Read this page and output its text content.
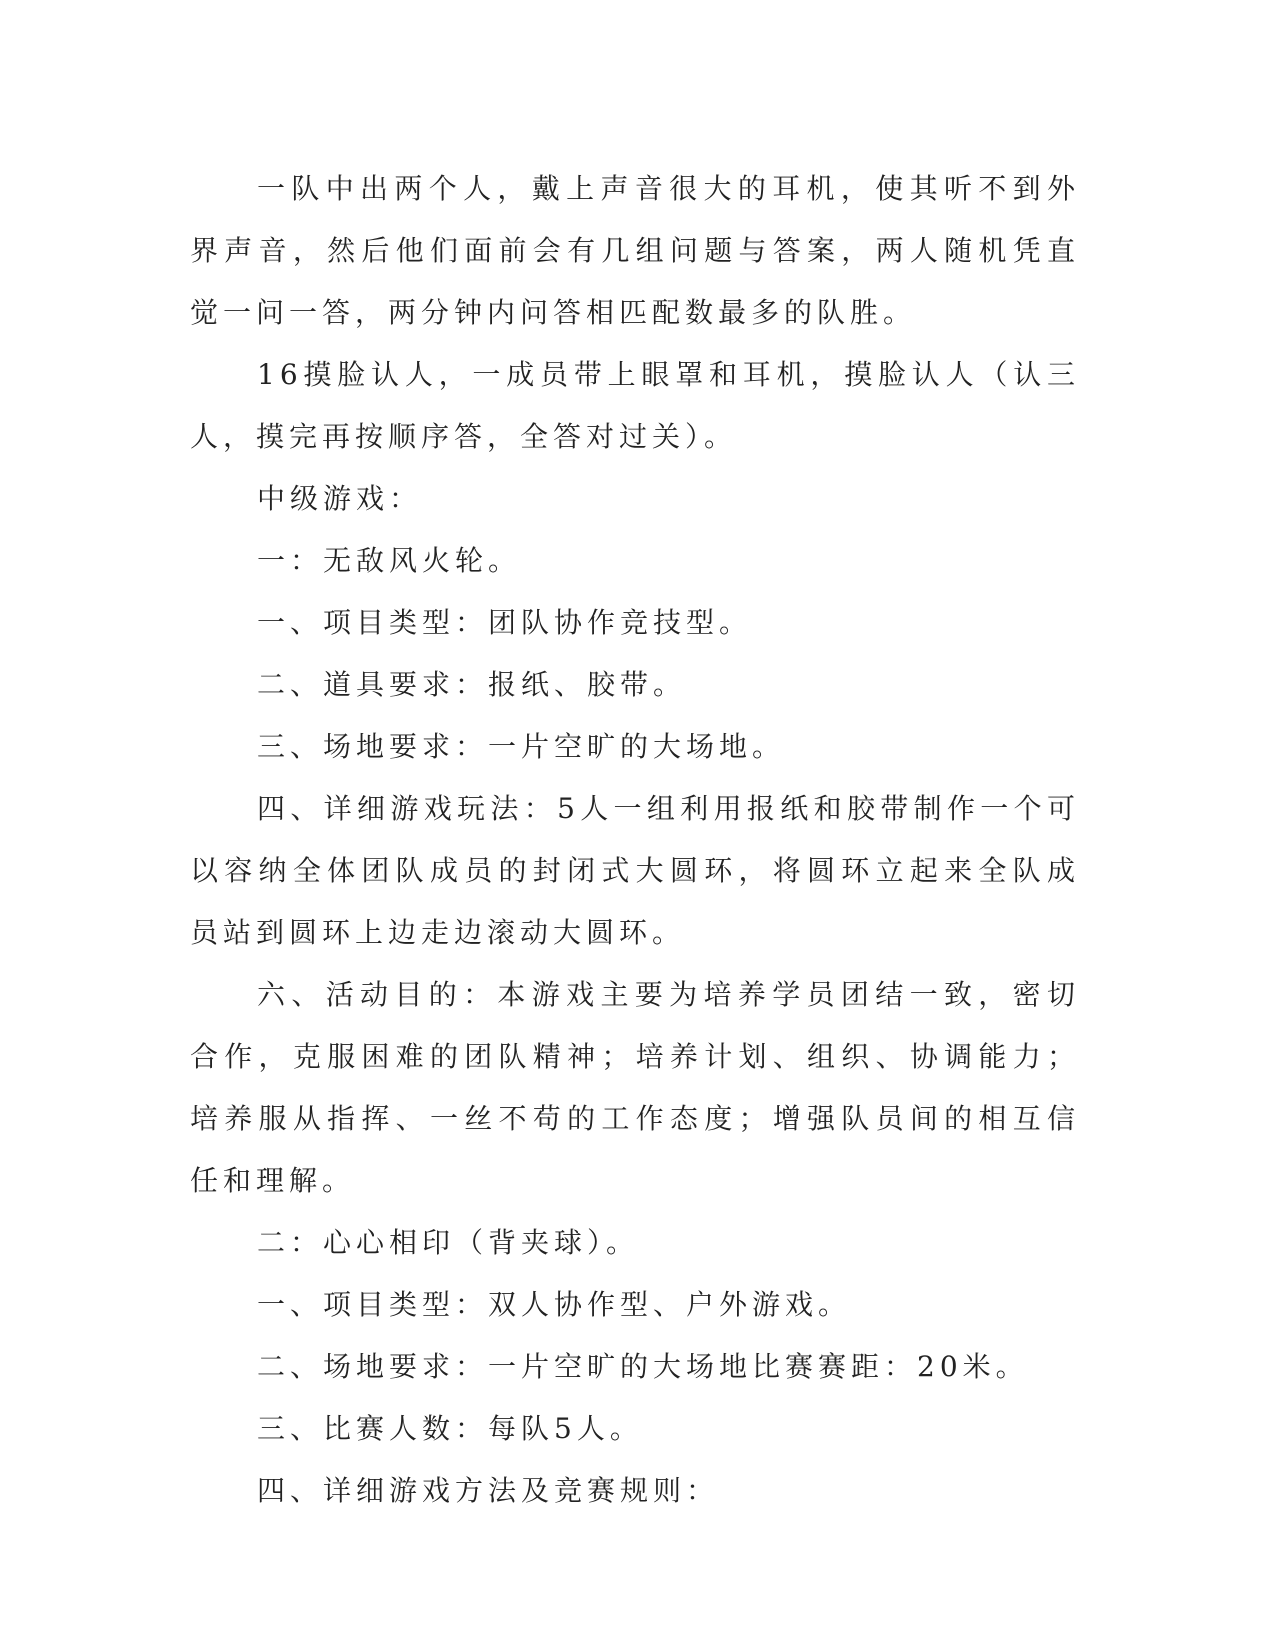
一队中出两个人，戴上声音很大的耳机，使其听不到外界声音，然后他们面前会有几组问题与答案，两人随机凭直觉一问一答，两分钟内问答相匹配数最多的队胜。

16摸脸认人，一成员带上眼罩和耳机，摸脸认人（认三人，摸完再按顺序答，全答对过关）。

中级游戏：

一：无敌风火轮。

一、项目类型：团队协作竞技型。

二、道具要求：报纸、胶带。

三、场地要求：一片空旷的大场地。

四、详细游戏玩法：5人一组利用报纸和胶带制作一个可以容纳全体团队成员的封闭式大圆环，将圆环立起来全队成员站到圆环上边走边滚动大圆环。

六、活动目的：本游戏主要为培养学员团结一致，密切合作，克服困难的团队精神；培养计划、组织、协调能力；培养服从指挥、一丝不苟的工作态度；增强队员间的相互信任和理解。

二：心心相印（背夹球）。

一、项目类型：双人协作型、户外游戏。

二、场地要求：一片空旷的大场地比赛赛距：20米。

三、比赛人数：每队5人。

四、详细游戏方法及竞赛规则：
